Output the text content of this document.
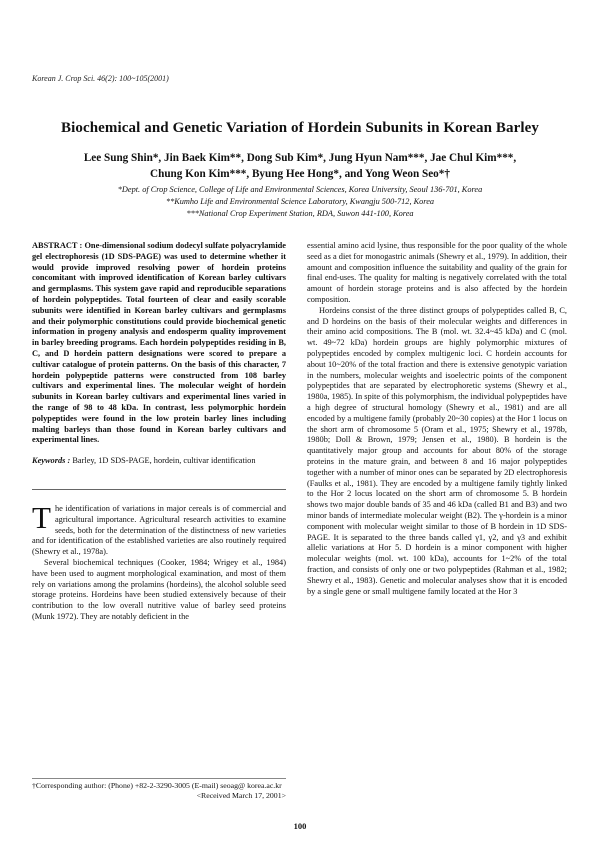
Korean J. Crop Sci. 46(2): 100~105(2001)
Biochemical and Genetic Variation of Hordein Subunits in Korean Barley
Lee Sung Shin*, Jin Baek Kim**, Dong Sub Kim*, Jung Hyun Nam***, Jae Chul Kim***,
Chung Kon Kim***, Byung Hee Hong*, and Yong Weon Seo*†
*Dept. of Crop Science, College of Life and Environmental Sciences, Korea University, Seoul 136-701, Korea
**Kumho Life and Environmental Science Laboratory, Kwangju 500-712, Korea
***National Crop Experiment Station, RDA, Suwon 441-100, Korea

ABSTRACT : One-dimensional sodium dodecyl sulfate polyacrylamide gel electrophoresis (1D SDS-PAGE) was used to determine whether it would provide improved resolving power of hordein proteins concomitant with improved identification of Korean barley cultivars and germplasms. This system gave rapid and reproducible separations of hordein polypeptides. Total fourteen of clear and easily scorable subunits were identified in Korean barley cultivars and germplasms and their polymorphic constitutions could provide biochemical genetic information in progeny analysis and endosperm quality improvement in barley breeding programs. Each hordein polypeptides residing in B, C, and D hordein pattern designations were scored to prepare a cultivar catalogue of protein patterns. On the basis of this character, 7 hordein polypeptide patterns were constructed from 108 barley cultivars and experimental lines. The molecular weight of hordein subunits in Korean barley cultivars and experimental lines varied in the range of 98 to 48 kDa. In contrast, less polymorphic hordein polypeptides were found in the low protein barley lines including malting barleys than those found in Korean barley cultivars and experimental lines.

Keywords : Barley, 1D SDS-PAGE, hordein, cultivar identification

The identification of variations in major cereals is of commercial and agricultural importance. Agricultural research activities to examine seeds, both for the determination of the distinctness of new varieties and for identification of the established varieties are also routinely required (Shewry et al., 1978a).

Several biochemical techniques (Cooker, 1984; Wrigey et al., 1984) have been used to augment morphological examination, and most of them rely on variations among the prolamins (hordeins), the alcohol soluble seed storage proteins. Hordeins have been studied extensively because of their contribution to the low overall nutritive value of barley seed proteins (Munk 1972). They are notably deficient in the

essential amino acid lysine, thus responsible for the poor quality of the whole seed as a diet for monogastric animals (Shewry et al., 1979). In addition, their amount and composition influence the suitability and quality of the grain for final end-uses. The quality for malting is negatively correlated with the total amount of hordein storage proteins and is also affected by the hordein composition.

Hordeins consist of the three distinct groups of polypeptides called B, C, and D hordeins on the basis of their molecular weights and differences in their amino acid compositions. The B (mol. wt. 32.4~45 kDa) and C (mol. wt. 49~72 kDa) hordein groups are highly polymorphic mixtures of polypeptides encoded by complex multigenic loci. C hordein accounts for about 10~20% of the total fraction and there is extensive genotypic variation in the numbers, molecular weights and isoelectric points of the component polypeptides that are separated by electrophoretic systems (Shewry et al., 1980a, 1985). In spite of this polymorphism, the individual polypeptides have a high degree of structural homology (Shewry et al., 1981) and are all encoded by a multigene family (probably 20~30 copies) at the Hor 1 locus on the short arm of chromosome 5 (Oram et al., 1975; Shewry et al., 1978b, 1980b; Doll & Brown, 1979; Jensen et al., 1980). B hordein is the quantitatively major group and accounts for about 80% of the storage proteins in the mature grain, and between 8 and 16 major polypeptides together with a number of minor ones can be separated by 2D electrophoresis (Faulks et al., 1981). They are encoded by a multigene family tightly linked to the Hor 2 locus located on the short arm of chromosome 5. B hordein shows two major double bands of 35 and 46 kDa (called B1 and B3) and two minor bands of intermediate molecular weight (B2). The γ-hordein is a minor component with molecular weight similar to those of B hordein in 1D SDS-PAGE. It is separated to the three bands called γ1, γ2, and γ3 and exhibit allelic variations at Hor 5. D hordein is a minor component with higher molecular weights (mol. wt. 100 kDa), accounts for 1~2% of the total fraction, and consists of only one or two polypeptides (Rahman et al., 1982; Shewry et al., 1983). Genetic and molecular analyses show that it is encoded by a single gene or small multigene family located at the Hor 3

†Corresponding author: (Phone) +82-2-3290-3005 (E-mail) seoag@ korea.ac.kr
<Received March 17, 2001>
100
